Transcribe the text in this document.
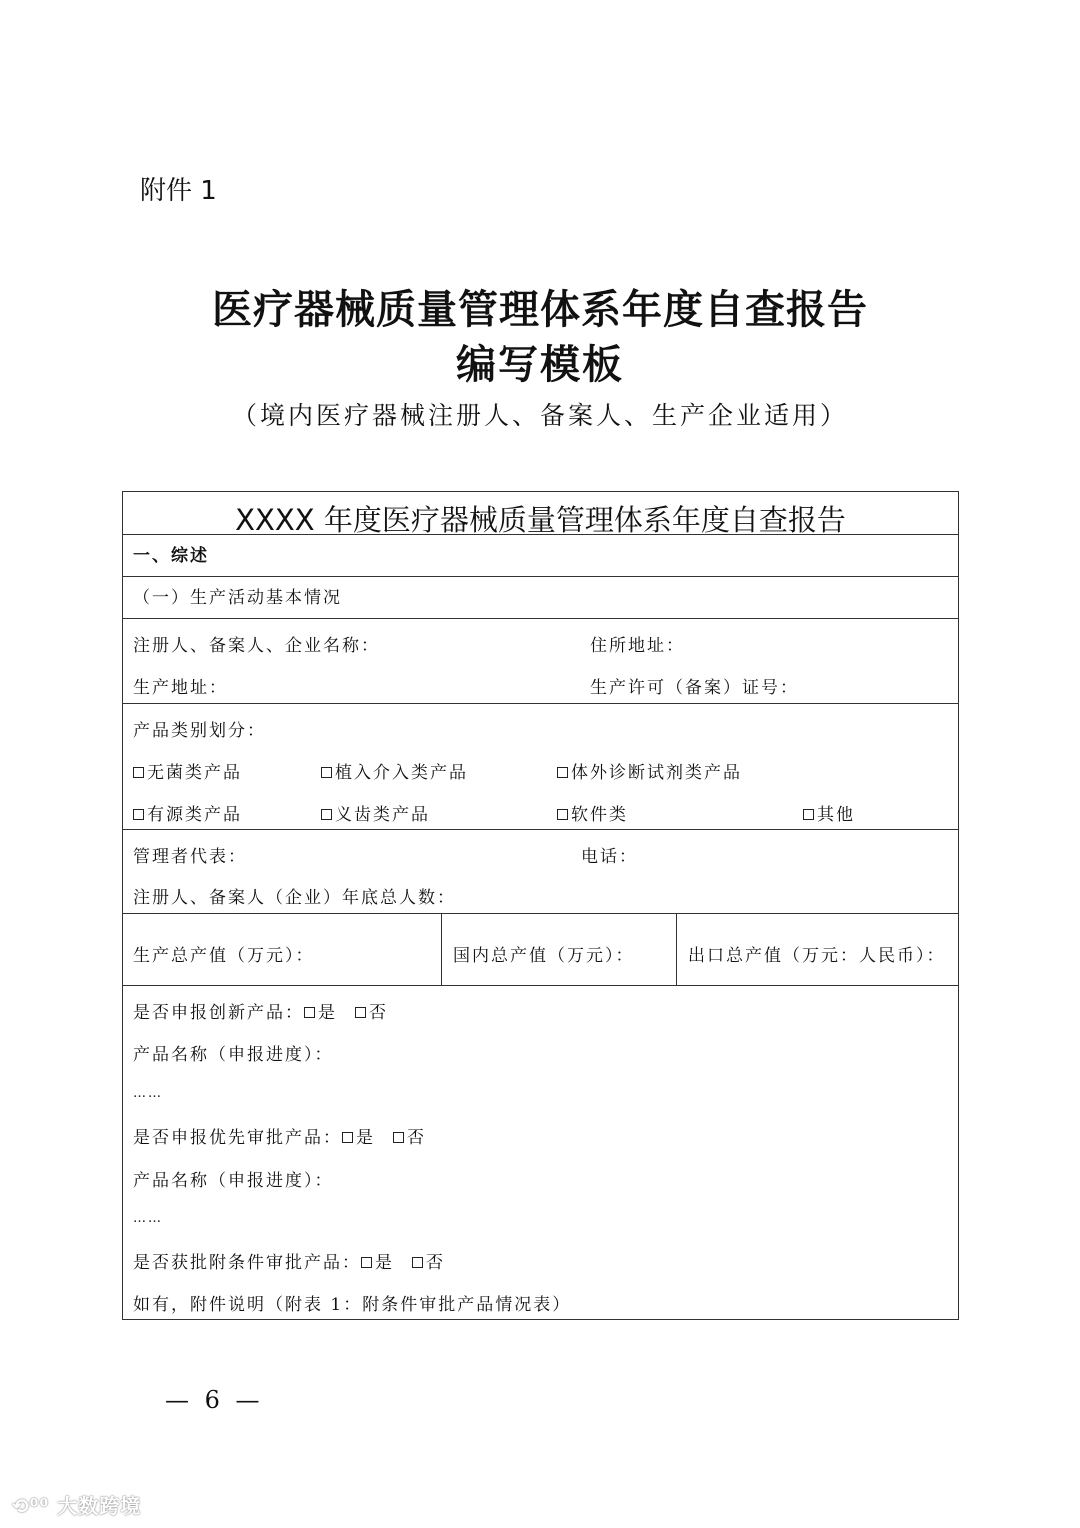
附件 1
医疗器械质量管理体系年度自查报告
编写模板
（境内医疗器械注册人、备案人、生产企业适用）
XXXX 年度医疗器械质量管理体系年度自查报告
一、综述
（一）生产活动基本情况
注册人、备案人、企业名称：	住所地址：
生产地址：	生产许可（备案）证号：
产品类别划分：
无菌类产品	植入介入类产品	体外诊断试剂类产品
有源类产品	义齿类产品	软件类	其他
管理者代表：	电话：
注册人、备案人（企业）年底总人数：
生产总产值（万元）：	国内总产值（万元）：	出口总产值（万元：人民币）：
是否申报创新产品： 是 否
产品名称（申报进度）：
……
是否申报优先审批产品： 是 否
产品名称（申报进度）：
……
是否获批附条件审批产品： 是 否
如有，附件说明（附表 1：附条件审批产品情况表）
— 6 —
⟲⁰⁰ 大数跨境
